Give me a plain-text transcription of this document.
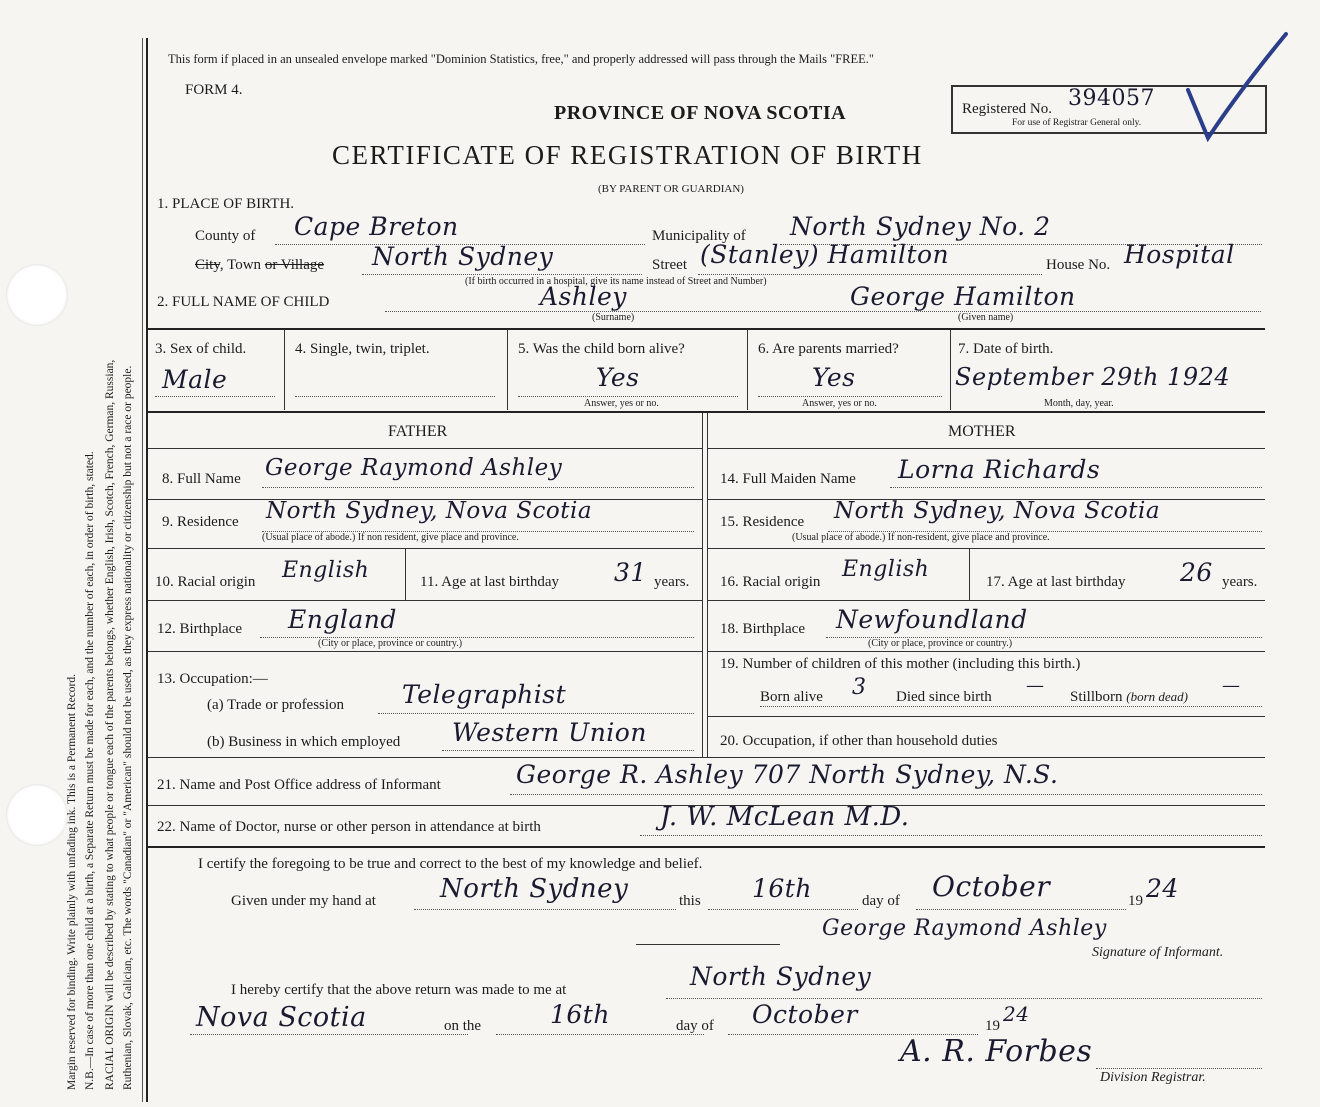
Margin reserved for binding. Write plainly with unfading ink. This is a Permanent Record. N.B.—In case of more than one child at a birth, a Separate Return must be made for each, and the number of each, in order of birth, stated. RACIAL ORIGIN will be described by stating to what people or tongue each of the parents belongs, whether English, Irish, Scotch, French, German, Russian, Ruthenian, Slovak, Galician, etc. The words "Canadian" or "American" should not be used, as they express nationality or citizenship but not a race or people.
This form if placed in an unsealed envelope marked "Dominion Statistics, free," and properly addressed will pass through the Mails "FREE."
FORM 4.
PROVINCE OF NOVA SCOTIA
CERTIFICATE OF REGISTRATION OF BIRTH
(BY PARENT OR GUARDIAN)
Registered No. 394057
For use of Registrar General only.
1. PLACE OF BIRTH.
County of Cape Breton	Municipality of North Sydney No. 2
City, Town or Village North Sydney	Street (Stanley) Hamilton	House No. Hospital
(If birth occurred in a hospital, give its name instead of Street and Number)
2. FULL NAME OF CHILD	Ashley
(Surname)
George Hamilton
(Given name)
3. Sex of child.
Male
4. Single, twin, triplet.	5. Was the child born alive?
Yes
Answer, yes or no.
6. Are parents married?
Yes
Answer, yes or no.
7. Date of birth.
September 29th 1924
Month, day, year.
FATHER	MOTHER
8. Full Name George Raymond Ashley
9. Residence North Sydney, Nova Scotia
(Usual place of abode.) If non resident, give place and province.
10. Racial origin English	11. Age at last birthday 31 years.
12. Birthplace England
(City or place, province or country.)
13. Occupation:—
(a) Trade or profession Telegraphist
(b) Business in which employed Western Union
14. Full Maiden Name Lorna Richards
15. Residence North Sydney, Nova Scotia
(Usual place of abode.) If non-resident, give place and province.
16. Racial origin English	17. Age at last birthday 26 years.
18. Birthplace Newfoundland
(City or place, province or country.)
19. Number of children of this mother (including this birth.)
Born alive 3 Died since birth
—
Stillborn (born dead)
—
20. Occupation, if other than household duties
21. Name and Post Office address of Informant	George R. Ashley 707 North Sydney, N.S.
22. Name of Doctor, nurse or other person in attendance at birth	J. W. McLean M.D.
I certify the foregoing to be true and correct to the best of my knowledge and belief.
Given under my hand at North Sydney	this 16th	day of October	19 24
George Raymond Ashley
Signature of Informant.
I hereby certify that the above return was made to me at	North Sydney
Nova Scotia	on the	16th	day of October	19 24
A. R. Forbes
Division Registrar.
